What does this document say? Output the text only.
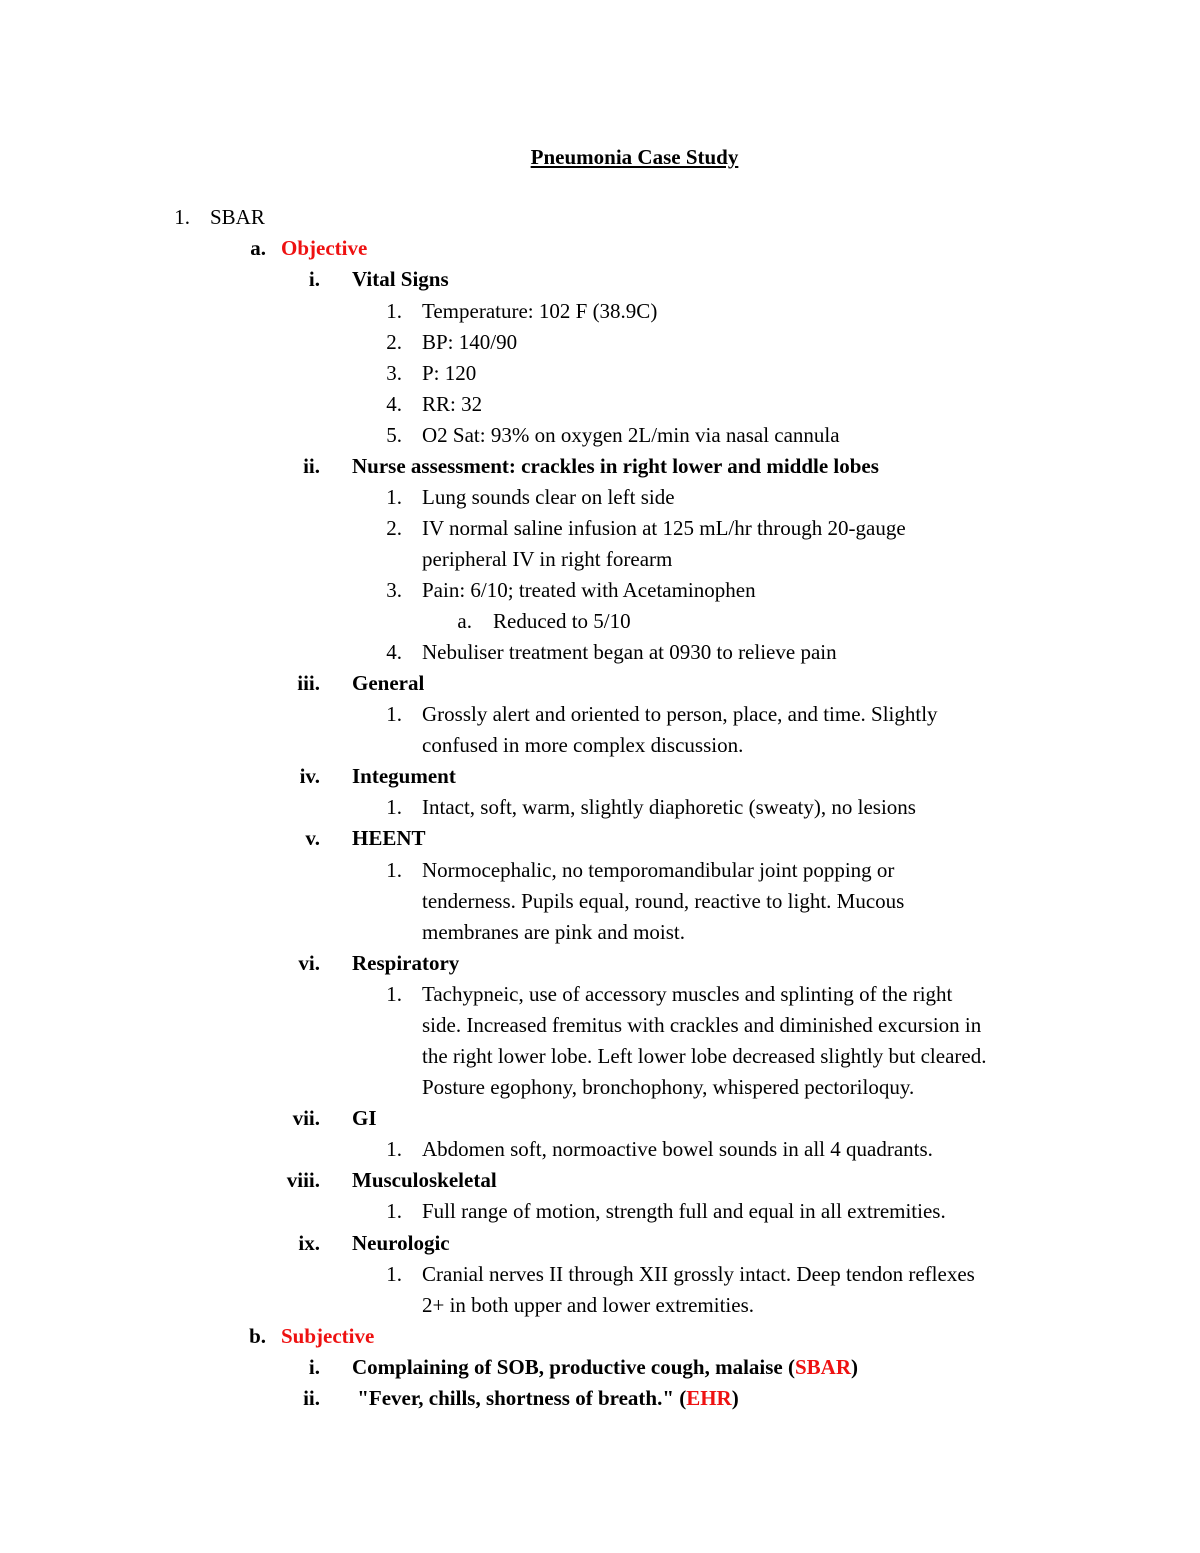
Pneumonia Case Study
1. SBAR
a. Objective
i. Vital Signs
1. Temperature: 102 F (38.9C)
2. BP: 140/90
3. P: 120
4. RR: 32
5. O2 Sat: 93% on oxygen 2L/min via nasal cannula
ii. Nurse assessment: crackles in right lower and middle lobes
1. Lung sounds clear on left side
2. IV normal saline infusion at 125 mL/hr through 20-gauge
peripheral IV in right forearm
3. Pain: 6/10; treated with Acetaminophen
a. Reduced to 5/10
4. Nebuliser treatment began at 0930 to relieve pain
iii. General
1. Grossly alert and oriented to person, place, and time. Slightly
confused in more complex discussion.
iv. Integument
1. Intact, soft, warm, slightly diaphoretic (sweaty), no lesions
v. HEENT
1. Normocephalic, no temporomandibular joint popping or
tenderness. Pupils equal, round, reactive to light. Mucous
membranes are pink and moist.
vi. Respiratory
1. Tachypneic, use of accessory muscles and splinting of the right
side. Increased fremitus with crackles and diminished excursion in
the right lower lobe. Left lower lobe decreased slightly but cleared.
Posture egophony, bronchophony, whispered pectoriloquy.
vii. GI
1. Abdomen soft, normoactive bowel sounds in all 4 quadrants.
viii. Musculoskeletal
1. Full range of motion, strength full and equal in all extremities.
ix. Neurologic
1. Cranial nerves II through XII grossly intact. Deep tendon reflexes
2+ in both upper and lower extremities.
b. Subjective
i. Complaining of SOB, productive cough, malaise (SBAR)
ii. "Fever, chills, shortness of breath." (EHR)
